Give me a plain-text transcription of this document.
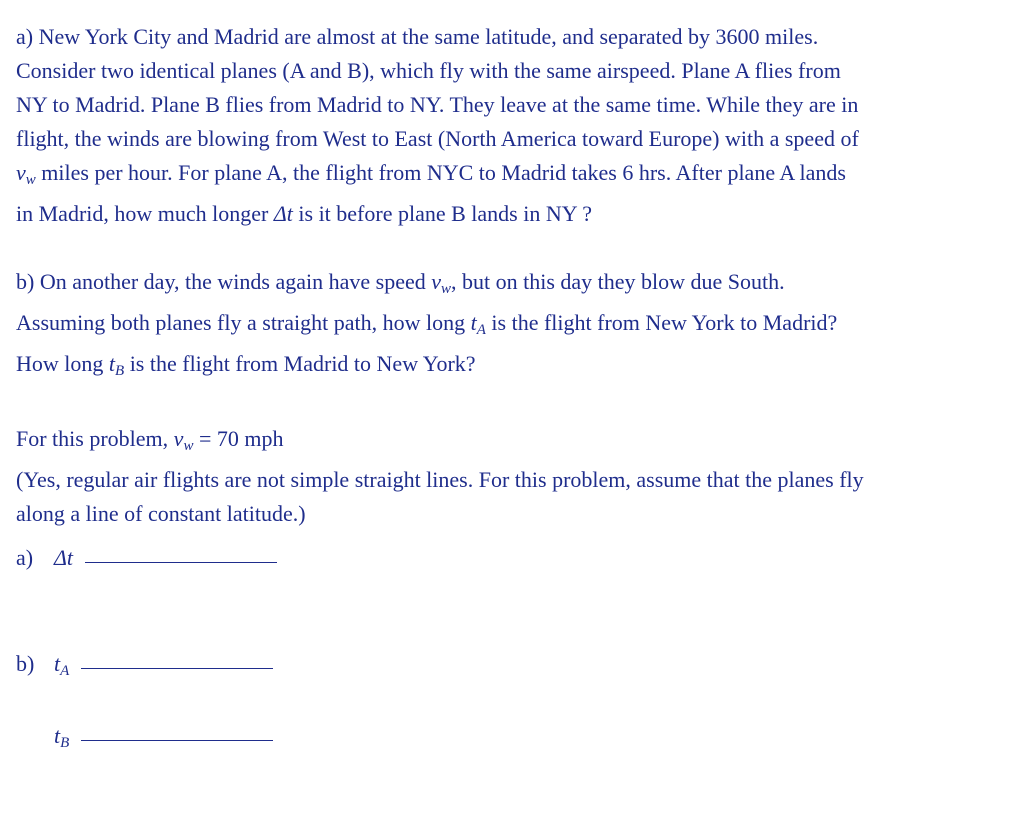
a) New York City and Madrid are almost at the same latitude, and separated by 3600 miles.
Consider two identical planes (A and B), which fly with the same airspeed. Plane A flies from
NY to Madrid. Plane B flies from Madrid to NY. They leave at the same time. While they are in
flight, the winds are blowing from West to East (North America toward Europe) with a speed of
$v_w$ miles per hour. For plane A, the flight from NYC to Madrid takes 6 hrs. After plane A lands
in Madrid, how much longer Δt is it before plane B lands in NY ?

b) On another day, the winds again have speed $v_w$, but on this day they blow due South.
Assuming both planes fly a straight path, how long $t_A$ is the flight from New York to Madrid?
How long $t_B$ is the flight from Madrid to New York?

For this problem, $v_w = 70$ mph
(Yes, regular air flights are not simple straight lines. For this problem, assume that the planes fly
along a line of constant latitude.)

a) Δt
b) $t_A$
$t_B$
